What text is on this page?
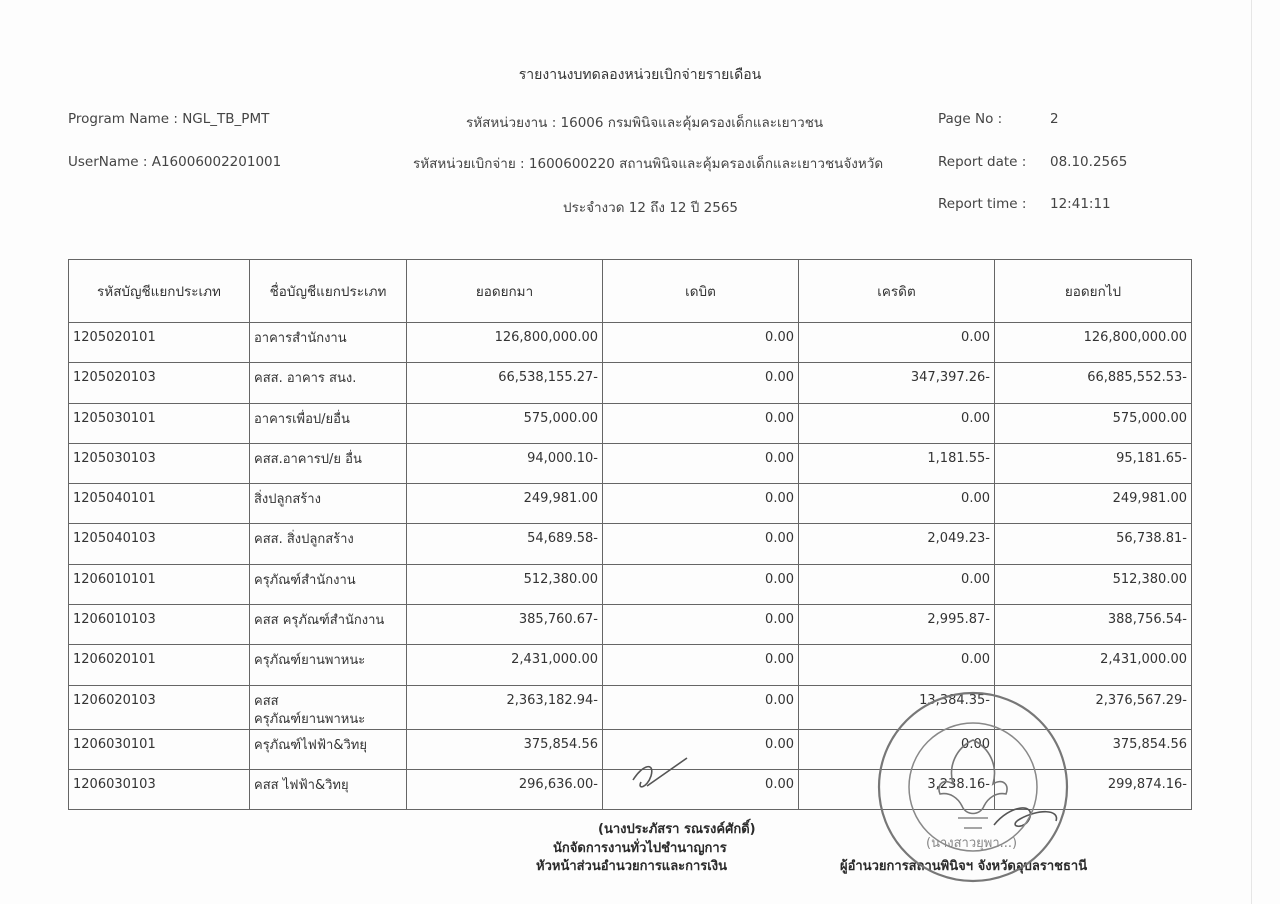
รายงานงบทดลองหน่วยเบิกจ่ายรายเดือน
Program Name : NGL_TB_PMT
UserName : A16006002201001
รหัสหน่วยงาน : 16006 กรมพินิจและคุ้มครองเด็กและเยาวชน
รหัสหน่วยเบิกจ่าย : 1600600220 สถานพินิจและคุ้มครองเด็กและเยาวชนจังหวัด
ประจำงวด 12 ถึง 12 ปี 2565
Page No :	2
Report date : 08.10.2565
Report time : 12:41:11
รหัสบัญชีแยกประเภท	ชื่อบัญชีแยกประเภท	ยอดยกมา	เดบิต	เครดิต	ยอดยกไป
1205020101	อาคารสำนักงาน	126,800,000.00	0.00	0.00	126,800,000.00
1205020103	คสส. อาคาร สนง.	66,538,155.27-	0.00	347,397.26-	66,885,552.53-
1205030101	อาคารเพื่อป/ยอื่น	575,000.00	0.00	0.00	575,000.00
1205030103	คสส.อาคารป/ย อื่น	94,000.10-	0.00	1,181.55-	95,181.65-
1205040101	สิ่งปลูกสร้าง	249,981.00	0.00	0.00	249,981.00
1205040103	คสส. สิ่งปลูกสร้าง	54,689.58-	0.00	2,049.23-	56,738.81-
1206010101	ครุภัณฑ์สำนักงาน	512,380.00	0.00	0.00	512,380.00
1206010103	คสส ครุภัณฑ์สำนักงาน	385,760.67-	0.00	2,995.87-	388,756.54-
1206020101	ครุภัณฑ์ยานพาหนะ	2,431,000.00	0.00	0.00	2,431,000.00
1206020103	คสส
ครุภัณฑ์ยานพาหนะ	2,363,182.94-	0.00	13,384.35-	2,376,567.29-
1206030101	ครุภัณฑ์ไฟฟ้า&วิทยุ	375,854.56	0.00	0.00	375,854.56
1206030103	คสส ไฟฟ้า&วิทยุ	296,636.00-	0.00	3,238.16-	299,874.16-
(นางประภัสรา รณรงค์ศักดิ์)
นักจัดการงานทั่วไปชำนาญการ
หัวหน้าส่วนอำนวยการและการเงิน
(นางสาวยุพา...)
ผู้อำนวยการสถานพินิจฯ จังหวัดอุบลราชธานี
